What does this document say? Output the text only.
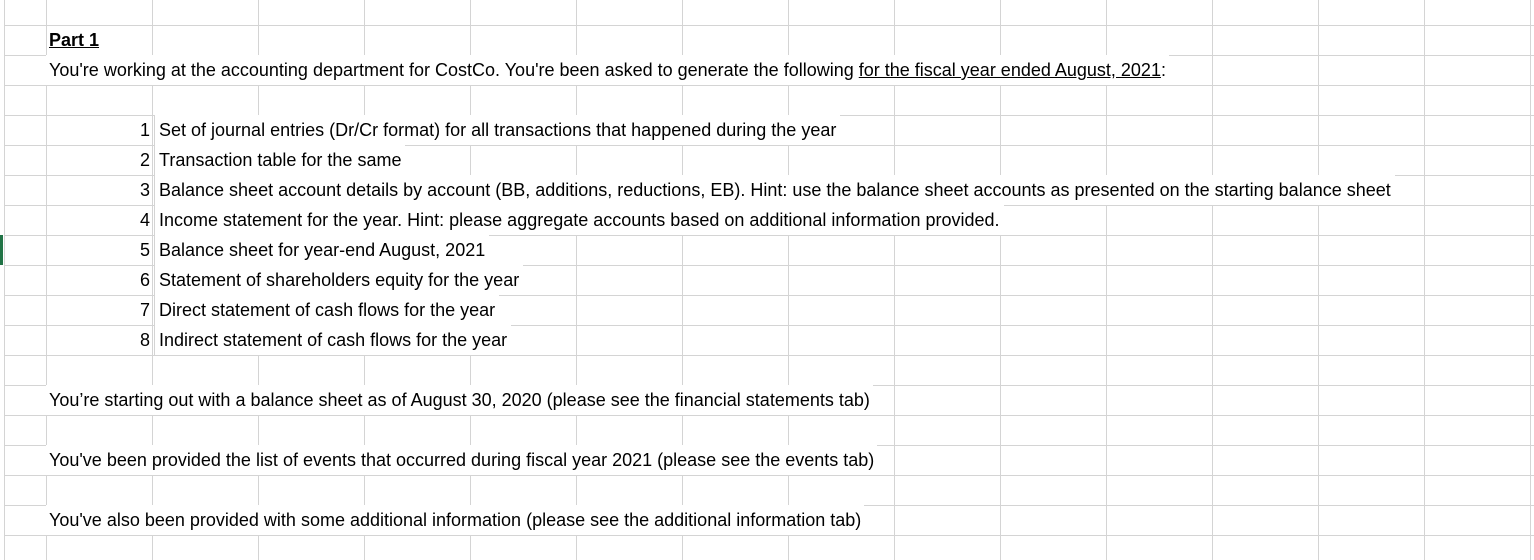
Part 1
You're working at the accounting department for CostCo. You're been asked to generate the following for the fiscal year ended August, 2021:
1 Set of journal entries (Dr/Cr format) for all transactions that happened during the year
2 Transaction table for the same
3 Balance sheet account details by account (BB, additions, reductions, EB). Hint: use the balance sheet accounts as presented on the starting balance sheet
4 Income statement for the year. Hint: please aggregate accounts based on additional information provided.
5 Balance sheet for year-end August, 2021
6 Statement of shareholders equity for the year
7 Direct statement of cash flows for the year
8 Indirect statement of cash flows for the year
You’re starting out with a balance sheet as of August 30, 2020 (please see the financial statements tab)
You've been provided the list of events that occurred during fiscal year 2021 (please see the events tab)
You've also been provided with some additional information (please see the additional information tab)
